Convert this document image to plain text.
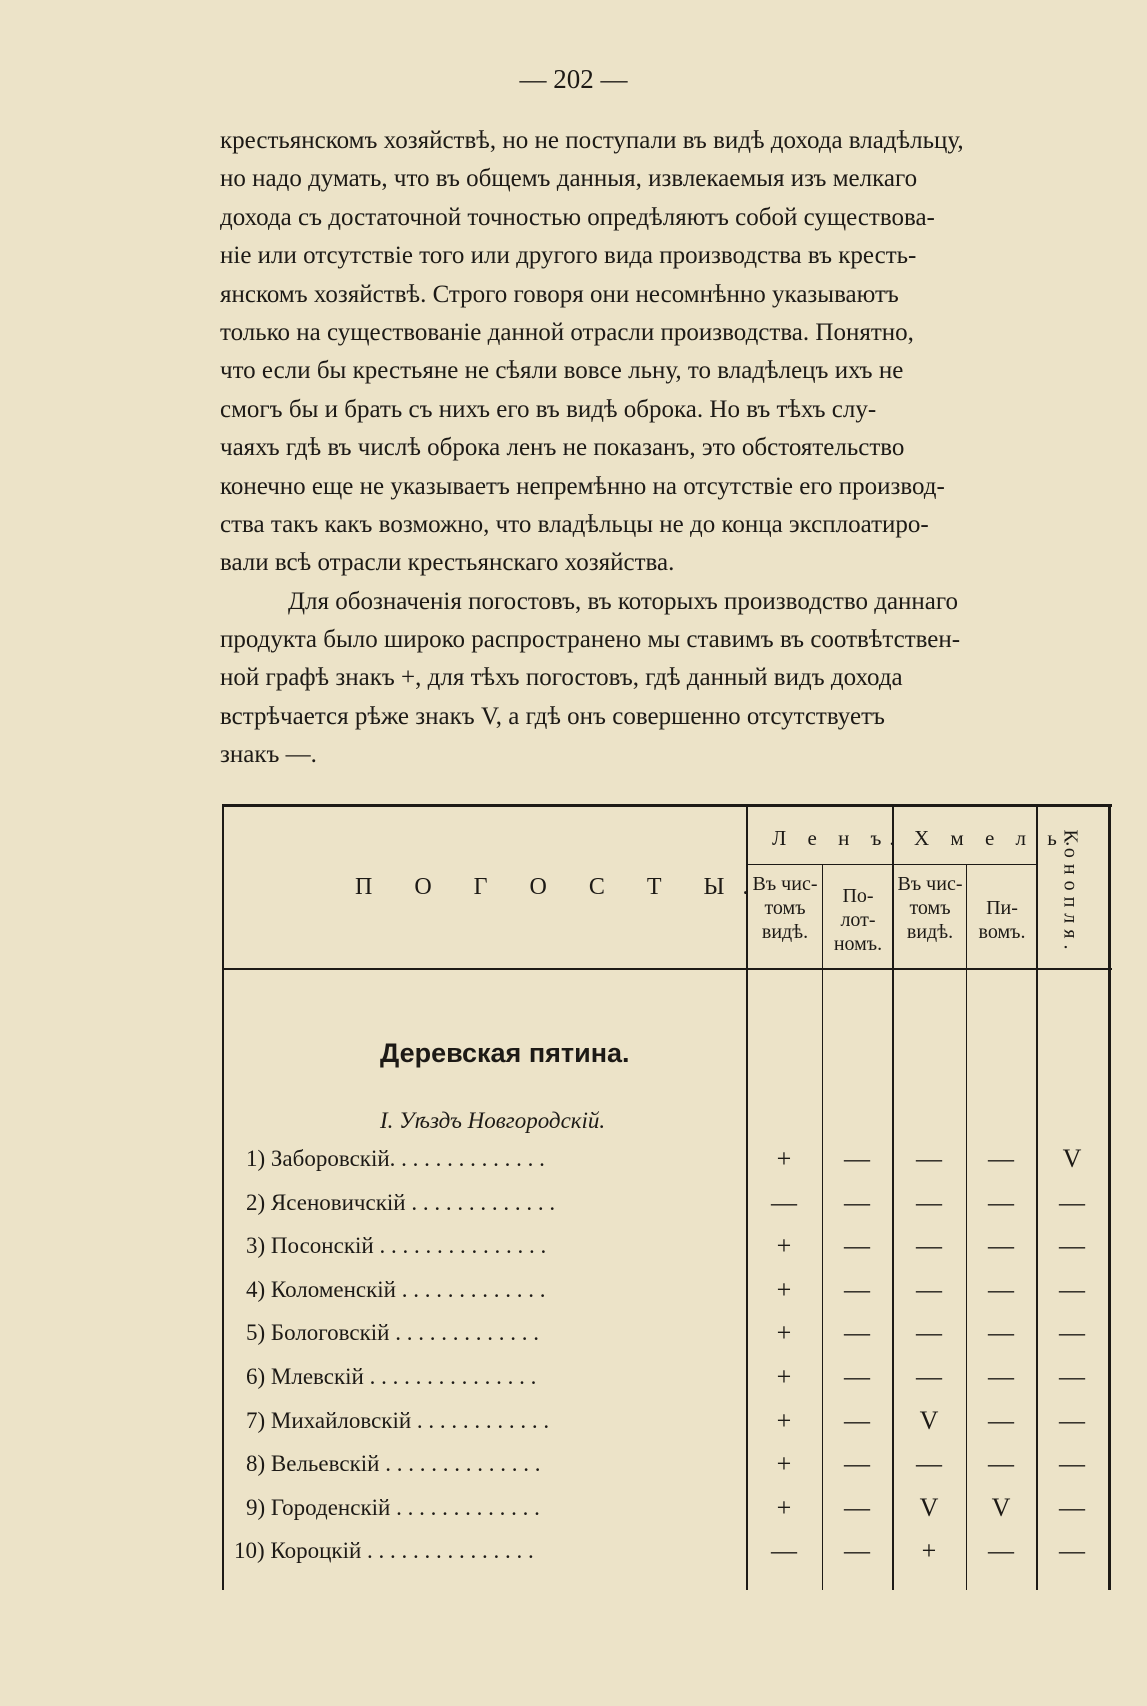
— 202 —
крестьянскомъ хозяйствѣ, но не поступали въ видѣ дохода владѣльцу,
но надо думать, что въ общемъ данныя, извлекаемыя изъ мелкаго
дохода съ достаточной точностью опредѣляютъ собой существова-
ніе или отсутствіе того или другого вида производства въ кресть-
янскомъ хозяйствѣ. Строго говоря они несомнѣнно указываютъ
только на существованіе данной отрасли производства. Понятно,
что если бы крестьяне не сѣяли вовсе льну, то владѣлецъ ихъ не
смогъ бы и брать съ нихъ его въ видѣ оброка. Но въ тѣхъ слу-
чаяхъ гдѣ въ числѣ оброка ленъ не показанъ, это обстоятельство
конечно еще не указываетъ непремѣнно на отсутствіе его производ-
ства такъ какъ возможно, что владѣльцы не до конца эксплоатиро-
вали всѣ отрасли крестьянскаго хозяйства.
Для обозначенія погостовъ, въ которыхъ производство даннаго
продукта было широко распространено мы ставимъ въ соотвѣтствен-
ной графѣ знакъ +, для тѣхъ погостовъ, гдѣ данный видъ дохода
встрѣчается рѣже знакъ V, а гдѣ онъ совершенно отсутствуетъ
знакъ —.
П О Г О С Т Ы.
Л е н ъ. Х м е л ь.
Конопля.
Въ чис- томъ видѣ.
По- лот- номъ.
Въ чис- томъ видѣ.
Пи- вомъ.
Деревская пятина.
I. Уѣздъ Новгородскій.
1) Заборовскій. . . . . . . . . . . . . .	+	—	—	—	V
2) Ясеновичскій . . . . . . . . . . . . .	—	—	—	—	—
3) Посонскій . . . . . . . . . . . . . . .	+	—	—	—	—
4) Коломенскій . . . . . . . . . . . . .	+	—	—	—	—
5) Бологовскій . . . . . . . . . . . . .	+	—	—	—	—
6) Млевскій . . . . . . . . . . . . . . .	+	—	—	—	—
7) Михайловскій . . . . . . . . . . . .	+	—	V	—	—
8) Вельевскій . . . . . . . . . . . . . .	+	—	—	—	—
9) Городенскій . . . . . . . . . . . . .	+	—	V	V	—
10) Короцкій . . . . . . . . . . . . . . .	—	—	+	—	—
